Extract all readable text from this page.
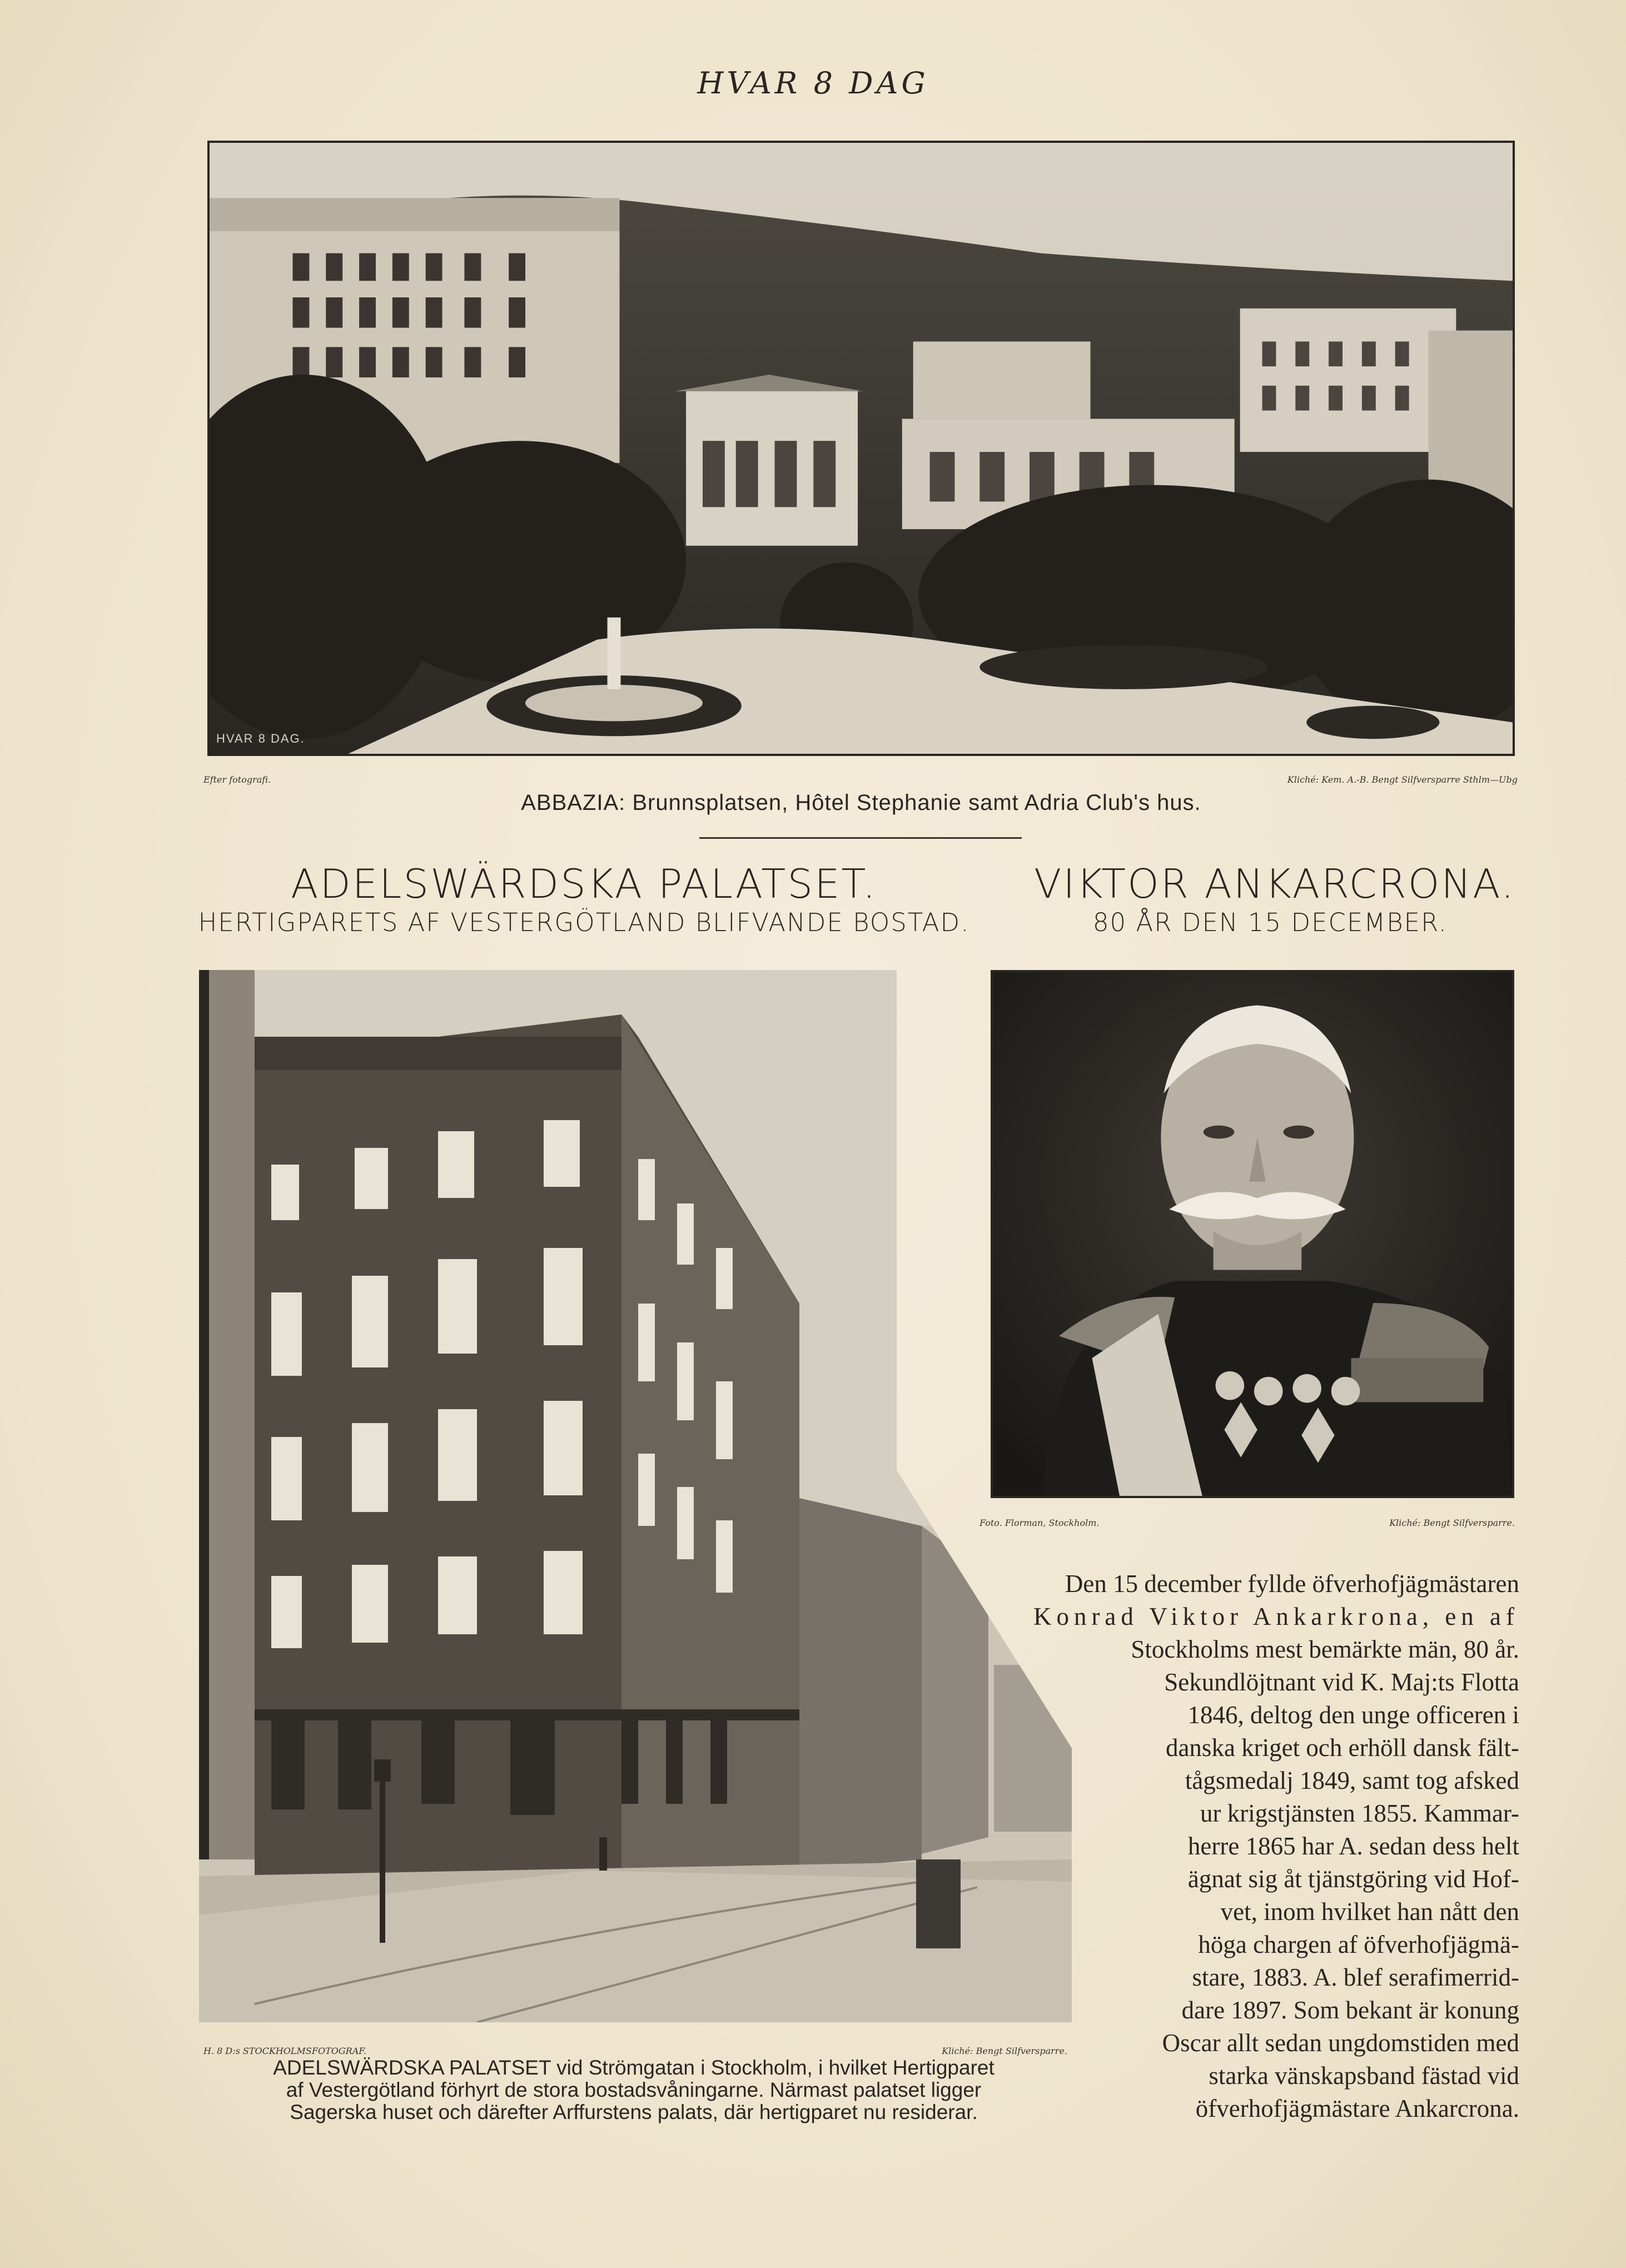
HVAR 8 DAG
HVAR 8 DAG.
Efter fotografi.	Kliché: Kem. A.-B. Bengt Silfversparre Sthlm—Ubg
ABBAZIA: Brunnsplatsen, Hôtel Stephanie samt Adria Club's hus.
ADELSWÄRDSKA PALATSET.
HERTIGPARETS AF VESTERGÖTLAND BLIFVANDE BOSTAD.
VIKTOR ANKARCRONA.
80 ÅR DEN 15 DECEMBER.
H. 8 D:s STOCKHOLMSFOTOGRAF.	Kliché: Bengt Silfversparre.
ADELSWÄRDSKA PALATSET vid Strömgatan i Stockholm, i hvilket Hertigparet
af Vestergötland förhyrt de stora bostadsvåningarne. Närmast palatset ligger
Sagerska huset och därefter Arffurstens palats, där hertigparet nu residerar.
Foto. Florman, Stockholm.	Kliché: Bengt Silfversparre.
Den 15 december fyllde öfverhofjägmästaren
Konrad Viktor Ankarkrona, en af
Stockholms mest bemärkte män, 80 år.
Sekundlöjtnant vid K. Maj:ts Flotta
1846, deltog den unge officeren i
danska kriget och erhöll dansk fält-
tågsmedalj 1849, samt tog afsked
ur krigstjänsten 1855. Kammar-
herre 1865 har A. sedan dess helt
ägnat sig åt tjänstgöring vid Hof-
vet, inom hvilket han nått den
höga chargen af öfverhofjägmä-
stare, 1883. A. blef serafimerrid-
dare 1897. Som bekant är konung
Oscar allt sedan ungdomstiden med
starka vänskapsband fästad vid
öfverhofjägmästare Ankarcrona.
